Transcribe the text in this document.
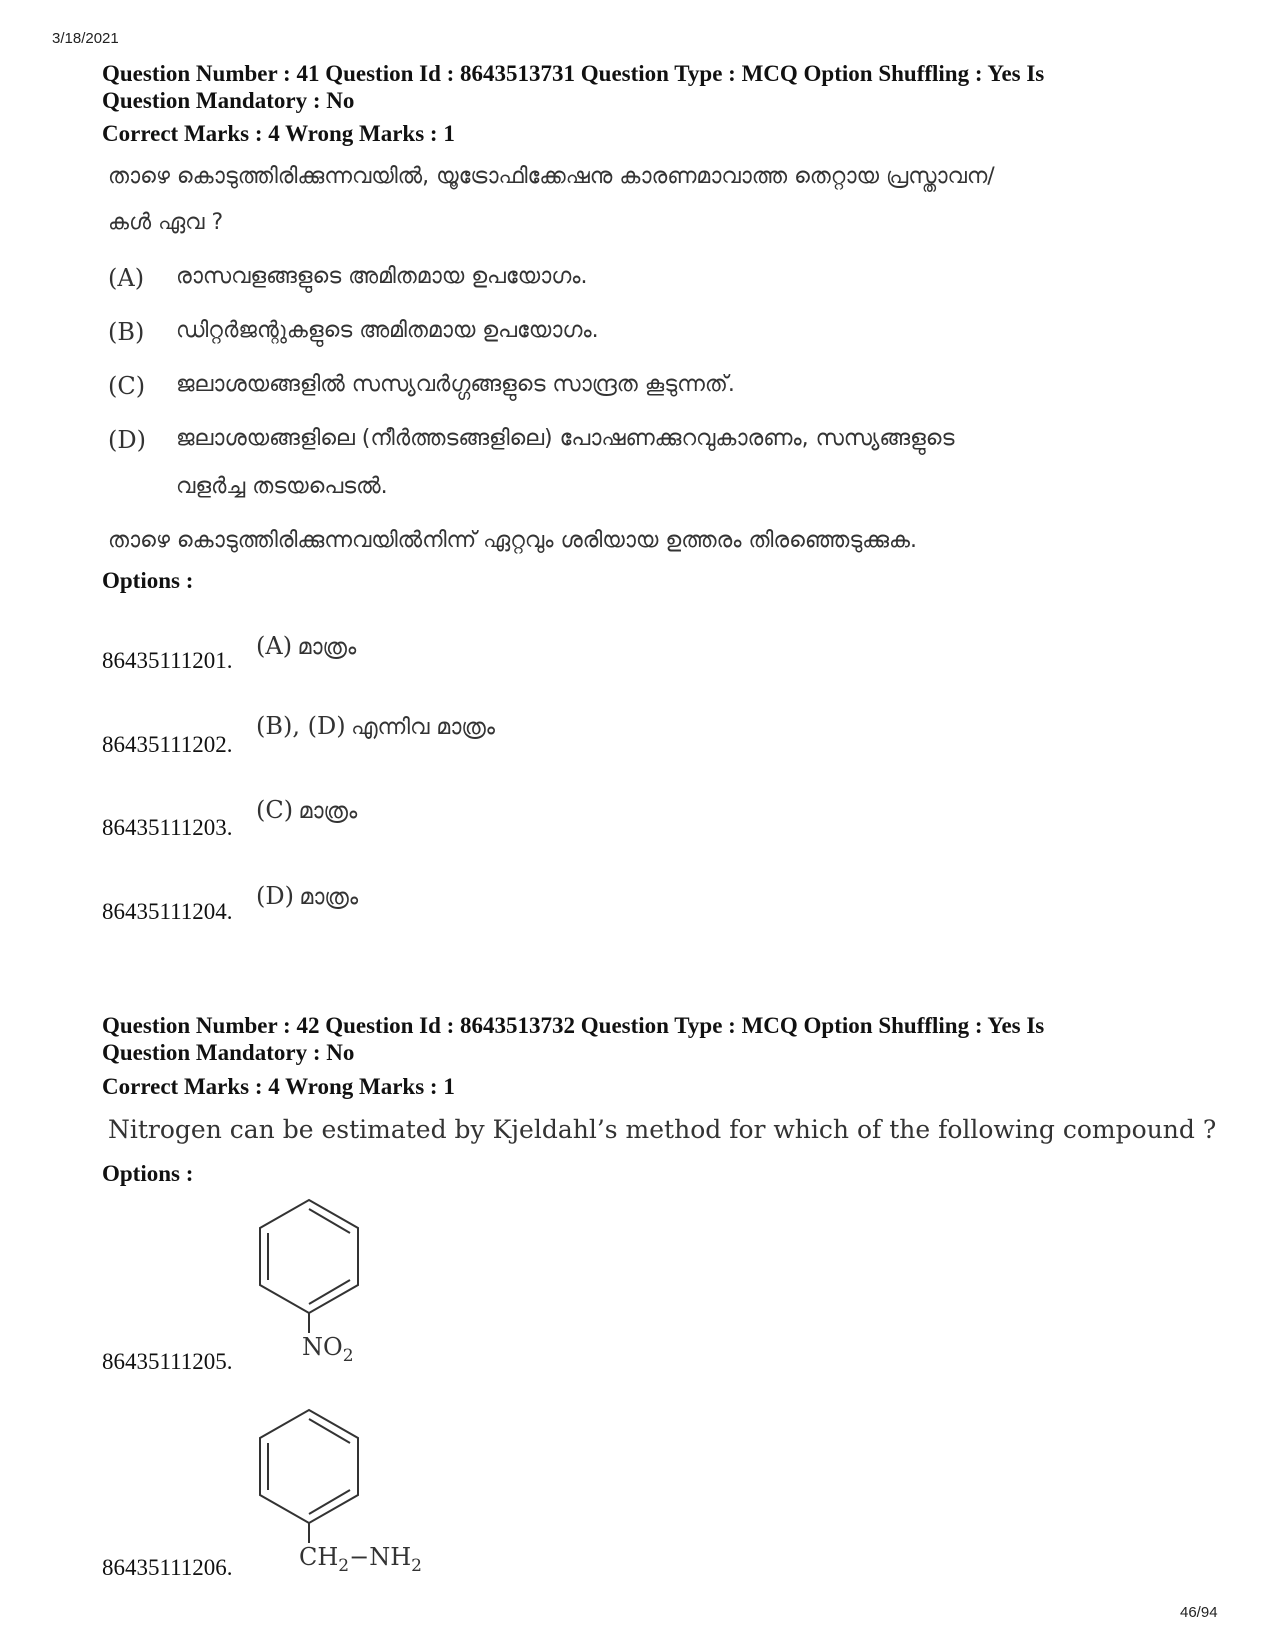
3/18/2021
Question Number : 41 Question Id : 8643513731 Question Type : MCQ Option Shuffling : Yes Is
Question Mandatory : No
Correct Marks : 4 Wrong Marks : 1
താഴെ കൊടുത്തിരിക്കുന്നവയിൽ, യൂട്രോഫിക്കേഷനു കാരണമാവാത്ത തെറ്റായ പ്രസ്താവന/
കൾ ഏവ ?
(A) രാസവളങ്ങളുടെ അമിതമായ ഉപയോഗം.
(B) ഡിറ്റർജന്റുകളുടെ അമിതമായ ഉപയോഗം.
(C) ജലാശയങ്ങളിൽ സസ്യവർഗ്ഗങ്ങളുടെ സാന്ദ്രത കൂടുന്നത്.
(D) ജലാശയങ്ങളിലെ (നീർത്തടങ്ങളിലെ) പോഷണക്കുറവുകാരണം, സസ്യങ്ങളുടെ
വളർച്ച തടയപെടൽ.
താഴെ കൊടുത്തിരിക്കുന്നവയിൽനിന്ന് ഏറ്റവും ശരിയായ ഉത്തരം തിരഞ്ഞെടുക്കുക.
Options :
86435111201.
(A) മാത്രം
86435111202.
(B), (D) എന്നിവ മാത്രം
86435111203.
(C) മാത്രം
86435111204.
(D) മാത്രം
Question Number : 42 Question Id : 8643513732 Question Type : MCQ Option Shuffling : Yes Is
Question Mandatory : No
Correct Marks : 4 Wrong Marks : 1
Nitrogen can be estimated by Kjeldahl’s method for which of the following compound ?
Options :
86435111205.
$NO_2$
86435111206.	$CH_2-NH_2$
46/94
